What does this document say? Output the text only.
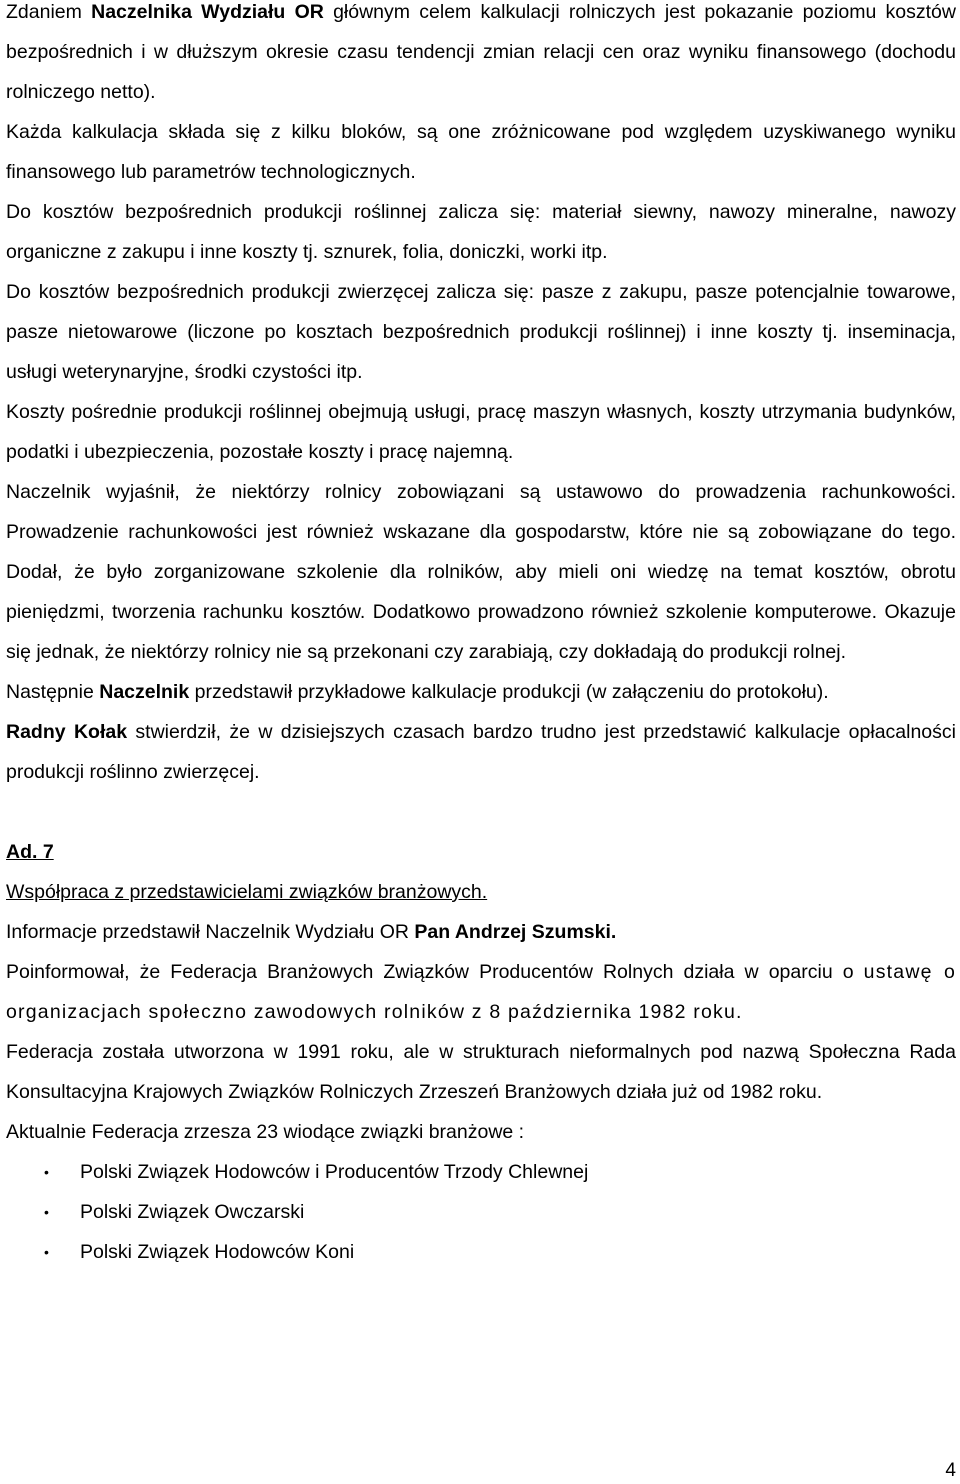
Zdaniem Naczelnika Wydziału OR głównym celem kalkulacji rolniczych jest pokazanie poziomu kosztów bezpośrednich i w dłuższym okresie czasu tendencji zmian relacji cen oraz wyniku finansowego (dochodu rolniczego netto).

Każda kalkulacja składa się z kilku bloków, są one zróżnicowane pod względem uzyskiwanego wyniku finansowego lub parametrów technologicznych.

Do kosztów bezpośrednich produkcji roślinnej zalicza się: materiał siewny, nawozy mineralne, nawozy organiczne z zakupu i inne koszty tj. sznurek, folia, doniczki, worki itp.

Do kosztów bezpośrednich produkcji zwierzęcej zalicza się: pasze z zakupu, pasze potencjalnie towarowe, pasze nietowarowe (liczone po kosztach bezpośrednich produkcji roślinnej) i inne koszty tj. inseminacja, usługi weterynaryjne, środki czystości itp.

Koszty pośrednie produkcji roślinnej obejmują usługi, pracę maszyn własnych, koszty utrzymania budynków, podatki i ubezpieczenia, pozostałe koszty i pracę najemną.

Naczelnik wyjaśnił, że niektórzy rolnicy zobowiązani są ustawowo do prowadzenia rachunkowości. Prowadzenie rachunkowości jest również wskazane dla gospodarstw, które nie są zobowiązane do tego. Dodał, że było zorganizowane szkolenie dla rolników, aby mieli oni wiedzę na temat kosztów, obrotu pieniędzmi, tworzenia rachunku kosztów. Dodatkowo prowadzono również szkolenie komputerowe. Okazuje się jednak, że niektórzy rolnicy nie są przekonani czy zarabiają, czy dokładają do produkcji rolnej.

Następnie Naczelnik przedstawił przykładowe kalkulacje produkcji (w załączeniu do protokołu).

Radny Kołak stwierdził, że w dzisiejszych czasach bardzo trudno jest przedstawić kalkulacje opłacalności produkcji roślinno zwierzęcej.

Ad. 7

Współpraca z przedstawicielami związków branżowych.

Informacje przedstawił Naczelnik Wydziału OR Pan Andrzej Szumski.

Poinformował, że Federacja Branżowych Związków Producentów Rolnych działa w oparciu o ustawę o organizacjach społeczno zawodowych rolników z 8 października 1982 roku.

Federacja została utworzona w 1991 roku, ale w strukturach nieformalnych pod nazwą Społeczna Rada Konsultacyjna Krajowych Związków Rolniczych Zrzeszeń Branżowych działa już od 1982 roku.

Aktualnie Federacja zrzesza 23 wiodące związki branżowe :

• Polski Związek Hodowców i Producentów Trzody Chlewnej
• Polski Związek Owczarski
• Polski Związek Hodowców Koni
4
